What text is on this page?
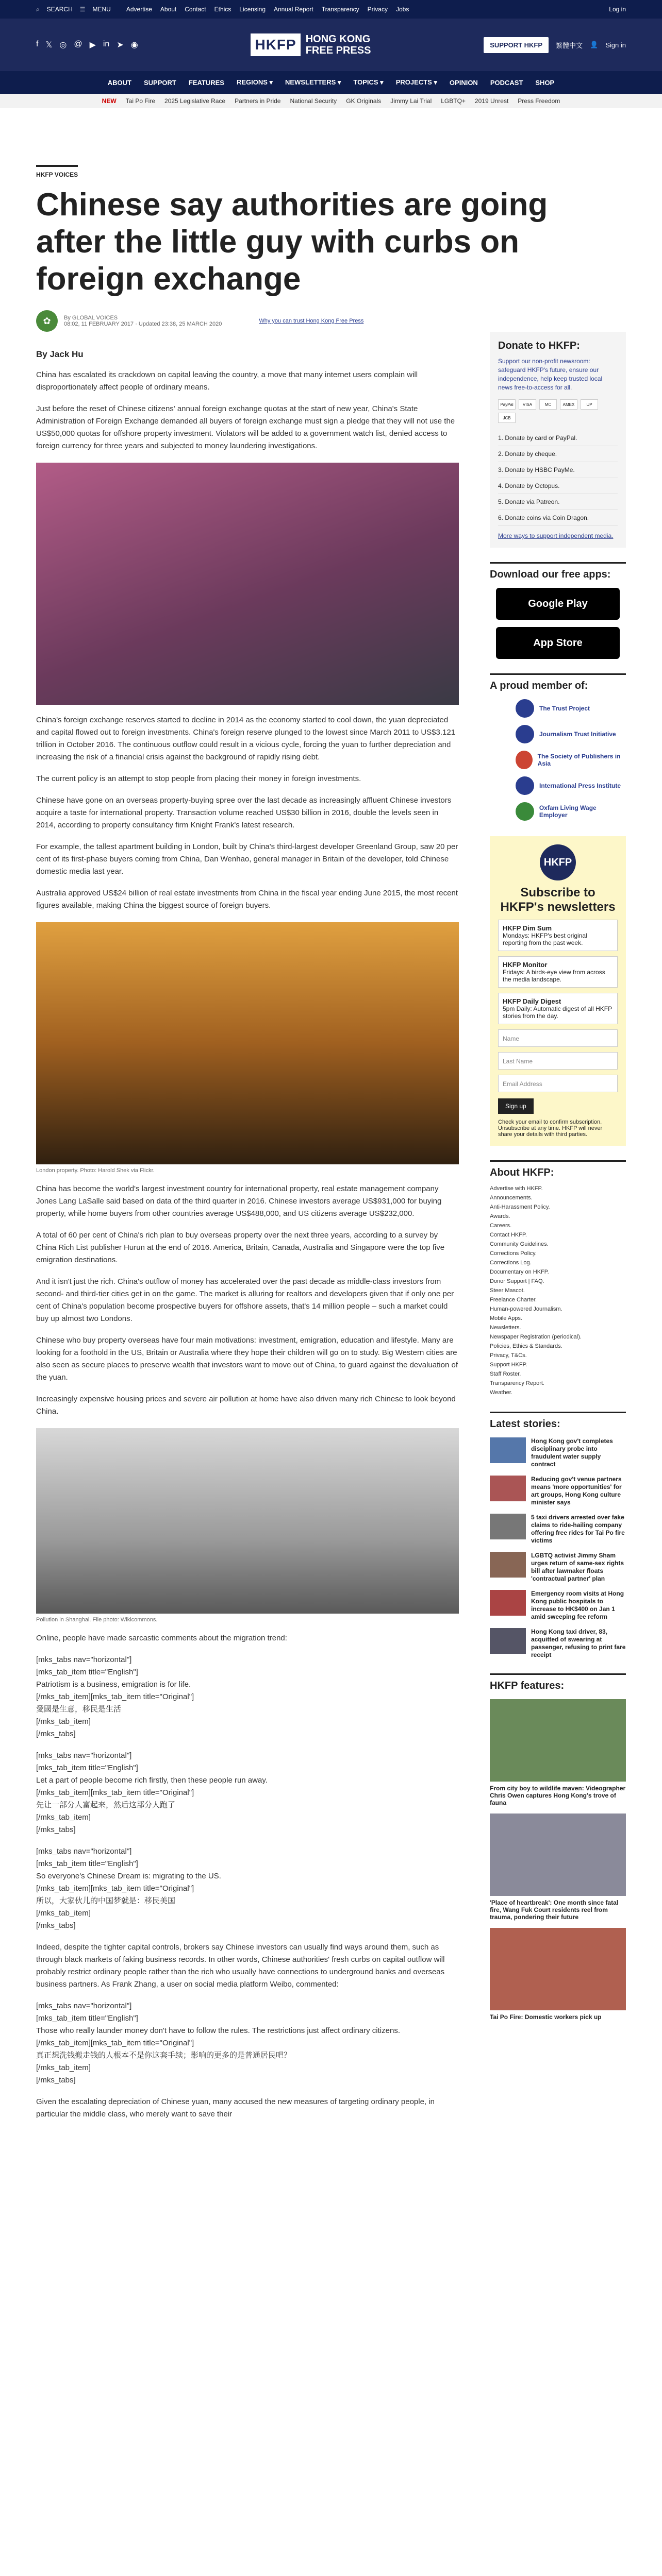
⌕ SEARCH ☰ MENU	Advertise About Contact Ethics Licensing Annual Report Transparency Privacy Jobs	Log in
f 𝕏 ◎ @ ▶ in ➤ ◉	HKFP HONG KONG
FREE PRESS	SUPPORT HKFP	繁體中文 👤 Sign in
ABOUT SUPPORT FEATURES REGIONS ▾ NEWSLETTERS ▾ TOPICS ▾ PROJECTS ▾ OPINION PODCAST SHOP
NEW Tai Po Fire 2025 Legislative Race Partners in Pride National Security GK Originals Jimmy Lai Trial LGBTQ+ 2019 Unrest Press Freedom
HKFP VOICES
Chinese say authorities are going after the little guy with curbs on foreign exchange
✿	By GLOBAL VOICES
08:02, 11 FEBRUARY 2017 · Updated 23:38, 25 MARCH 2020	Why you can trust Hong Kong Free Press
By Jack Hu

China has escalated its crackdown on capital leaving the country, a move that many internet users complain will disproportionately affect people of ordinary means.

Just before the reset of Chinese citizens' annual foreign exchange quotas at the start of new year, China's State Administration of Foreign Exchange demanded all buyers of foreign exchange must sign a pledge that they will not use the US$50,000 quotas for offshore property investment. Violators will be added to a government watch list, denied access to foreign currency for three years and subjected to money laundering investigations.

China's foreign exchange reserves started to decline in 2014 as the economy started to cool down, the yuan depreciated and capital flowed out to foreign investments. China's foreign reserve plunged to the lowest since March 2011 to US$3.121 trillion in October 2016. The continuous outflow could result in a vicious cycle, forcing the yuan to further depreciation and increasing the risk of a financial crisis against the background of rapidly rising debt.

The current policy is an attempt to stop people from placing their money in foreign investments.

Chinese have gone on an overseas property-buying spree over the last decade as increasingly affluent Chinese investors acquire a taste for international property. Transaction volume reached US$30 billion in 2016, double the levels seen in 2014, according to property consultancy firm Knight Frank's latest research.

For example, the tallest apartment building in London, built by China's third-largest developer Greenland Group, saw 20 per cent of its first-phase buyers coming from China, Dan Wenhao, general manager in Britain of the developer, told Chinese domestic media last year.

Australia approved US$24 billion of real estate investments from China in the fiscal year ending June 2015, the most recent figures available, making China the biggest source of foreign buyers.

London property. Photo: Harold Shek via Flickr.

China has become the world's largest investment country for international property, real estate management company Jones Lang LaSalle said based on data of the third quarter in 2016. Chinese investors average US$931,000 for buying property, while home buyers from other countries average US$488,000, and US citizens average US$232,000.

A total of 60 per cent of China's rich plan to buy overseas property over the next three years, according to a survey by China Rich List publisher Hurun at the end of 2016. America, Britain, Canada, Australia and Singapore were the top five emigration destinations.

And it isn't just the rich. China's outflow of money has accelerated over the past decade as middle-class investors from second- and third-tier cities get in on the game. The market is alluring for realtors and developers given that if only one per cent of China's population become prospective buyers for offshore assets, that's 14 million people – such a market could buy up almost two Londons.

Chinese who buy property overseas have four main motivations: investment, emigration, education and lifestyle. Many are looking for a foothold in the US, Britain or Australia where they hope their children will go on to study. Big Western cities are also seen as secure places to preserve wealth that investors want to move out of China, to guard against the devaluation of the yuan.

Increasingly expensive housing prices and severe air pollution at home have also driven many rich Chinese to look beyond China.

Pollution in Shanghai. File photo: Wikicommons.

Online, people have made sarcastic comments about the migration trend:

[mks_tabs nav="horizontal"]
[mks_tab_item title="English"]
Patriotism is a business, emigration is for life.
[/mks_tab_item][mks_tab_item title="Original"]
愛國是生意，移民是生活
[/mks_tab_item]
[/mks_tabs]
[mks_tabs nav="horizontal"]
[mks_tab_item title="English"]
Let a part of people become rich firstly, then these people run away.
[/mks_tab_item][mks_tab_item title="Original"]
先让一部分人富起来，然后这部分人跑了
[/mks_tab_item]
[/mks_tabs]
[mks_tabs nav="horizontal"]
[mks_tab_item title="English"]
So everyone's Chinese Dream is: migrating to the US.
[/mks_tab_item][mks_tab_item title="Original"]
所以，大家伙儿的中国梦就是：移民美国
[/mks_tab_item]
[/mks_tabs]

Indeed, despite the tighter capital controls, brokers say Chinese investors can usually find ways around them, such as through black markets of faking business records. In other words, Chinese authorities' fresh curbs on capital outflow will probably restrict ordinary people rather than the rich who usually have connections to underground banks and overseas business partners. As Frank Zhang, a user on social media platform Weibo, commented:

[mks_tabs nav="horizontal"]
[mks_tab_item title="English"]
Those who really launder money don't have to follow the rules. The restrictions just affect ordinary citizens.
[/mks_tab_item][mks_tab_item title="Original"]
真正想洗钱搬走钱的人根本不是你这套手续；影响的更多的是普通居民吧？
[/mks_tab_item]
[/mks_tabs]

Given the escalating depreciation of Chinese yuan, many accused the new measures of targeting ordinary people, in particular the middle class, who merely want to save their

Donate to HKFP:

Support our non-profit newsroom: safeguard HKFP's future, ensure our independence, help keep trusted local news free-to-access for all.

PayPal	VISA	MC	AMEX	UP
JCB
1. Donate by card or PayPal.
2. Donate by cheque.
3. Donate by HSBC PayMe.
4. Donate by Octopus.
5. Donate via Patreon.
6. Donate coins via Coin Dragon.

More ways to support independent media.

Download our free apps:
Google Play
App Store
A proud member of:
The Trust Project
Journalism Trust Initiative
The Society of Publishers in Asia
International Press Institute
Oxfam Living Wage Employer
HKFP
Subscribe to HKFP's newsletters
HKFP Dim Sum
Mondays: HKFP's best original reporting from the past week.
HKFP Monitor
Fridays: A birds-eye view from across the media landscape.
HKFP Daily Digest
5pm Daily: Automatic digest of all HKFP stories from the day.
Name
Last Name
Email Address
Sign up

Check your email to confirm subscription. Unsubscribe at any time. HKFP will never share your details with third parties.

About HKFP:
Advertise with HKFP.
Announcements.
Anti-Harassment Policy.
Awards.
Careers.
Contact HKFP.
Community Guidelines.
Corrections Policy.
Corrections Log.
Documentary on HKFP.
Donor Support | FAQ.
Steer Mascot.
Freelance Charter.
Human-powered Journalism.
Mobile Apps.
Newsletters.
Newspaper Registration (periodical).
Policies, Ethics & Standards.
Privacy, T&Cs.
Support HKFP.
Staff Roster.
Transparency Report.
Weather.
Latest stories:
Hong Kong gov't completes disciplinary probe into fraudulent water supply contract
Reducing gov't venue partners means 'more opportunities' for art groups, Hong Kong culture minister says
5 taxi drivers arrested over fake claims to ride-hailing company offering free rides for Tai Po fire victims
LGBTQ activist Jimmy Sham urges return of same-sex rights bill after lawmaker floats 'contractual partner' plan
Emergency room visits at Hong Kong public hospitals to increase to HK$400 on Jan 1 amid sweeping fee reform
Hong Kong taxi driver, 83, acquitted of swearing at passenger, refusing to print fare receipt
HKFP features:

From city boy to wildlife maven: Videographer Chris Owen captures Hong Kong's trove of fauna

'Place of heartbreak': One month since fatal fire, Wang Fuk Court residents reel from trauma, pondering their future

Tai Po Fire: Domestic workers pick up
